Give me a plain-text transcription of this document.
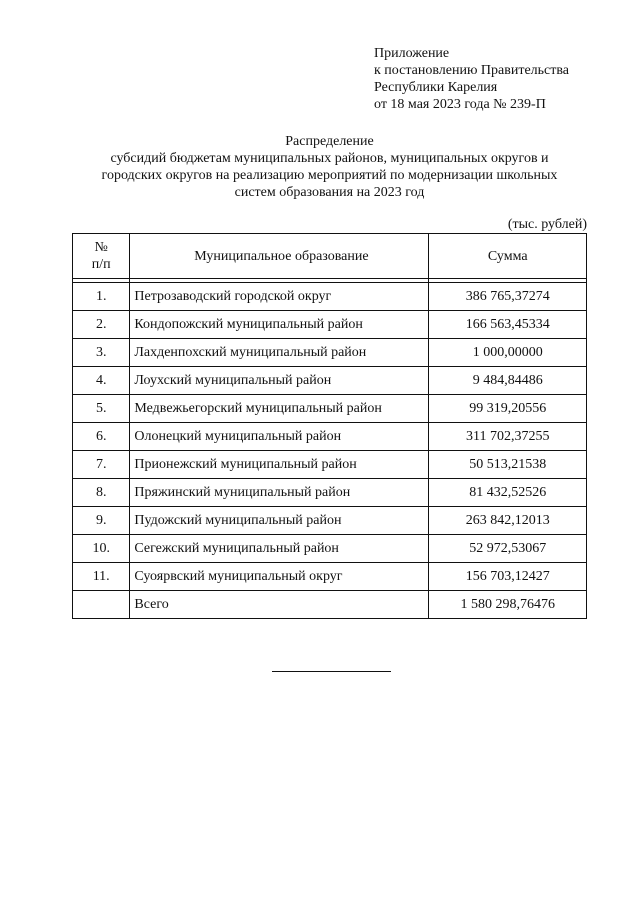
Приложение
к постановлению Правительства
Республики Карелия
от 18 мая 2023 года № 239-П
Распределение
субсидий бюджетам муниципальных районов, муниципальных округов и
городских округов на реализацию мероприятий по модернизации школьных
систем образования на 2023 год
(тыс. рублей)
№
п/п	Муниципальное образование	Сумма

1.	Петрозаводский городской округ	386 765,37274
2.	Кондопожский муниципальный район	166 563,45334
3.	Лахденпохский муниципальный район	1 000,00000
4.	Лоухский муниципальный район	9 484,84486
5.	Медвежьегорский муниципальный район	99 319,20556
6.	Олонецкий муниципальный район	311 702,37255
7.	Прионежский муниципальный район	50 513,21538
8.	Пряжинский муниципальный район	81 432,52526
9.	Пудожский муниципальный район	263 842,12013
10.	Сегежский муниципальный район	52 972,53067
11.	Суоярвский муниципальный округ	156 703,12427
	Всего	1 580 298,76476
